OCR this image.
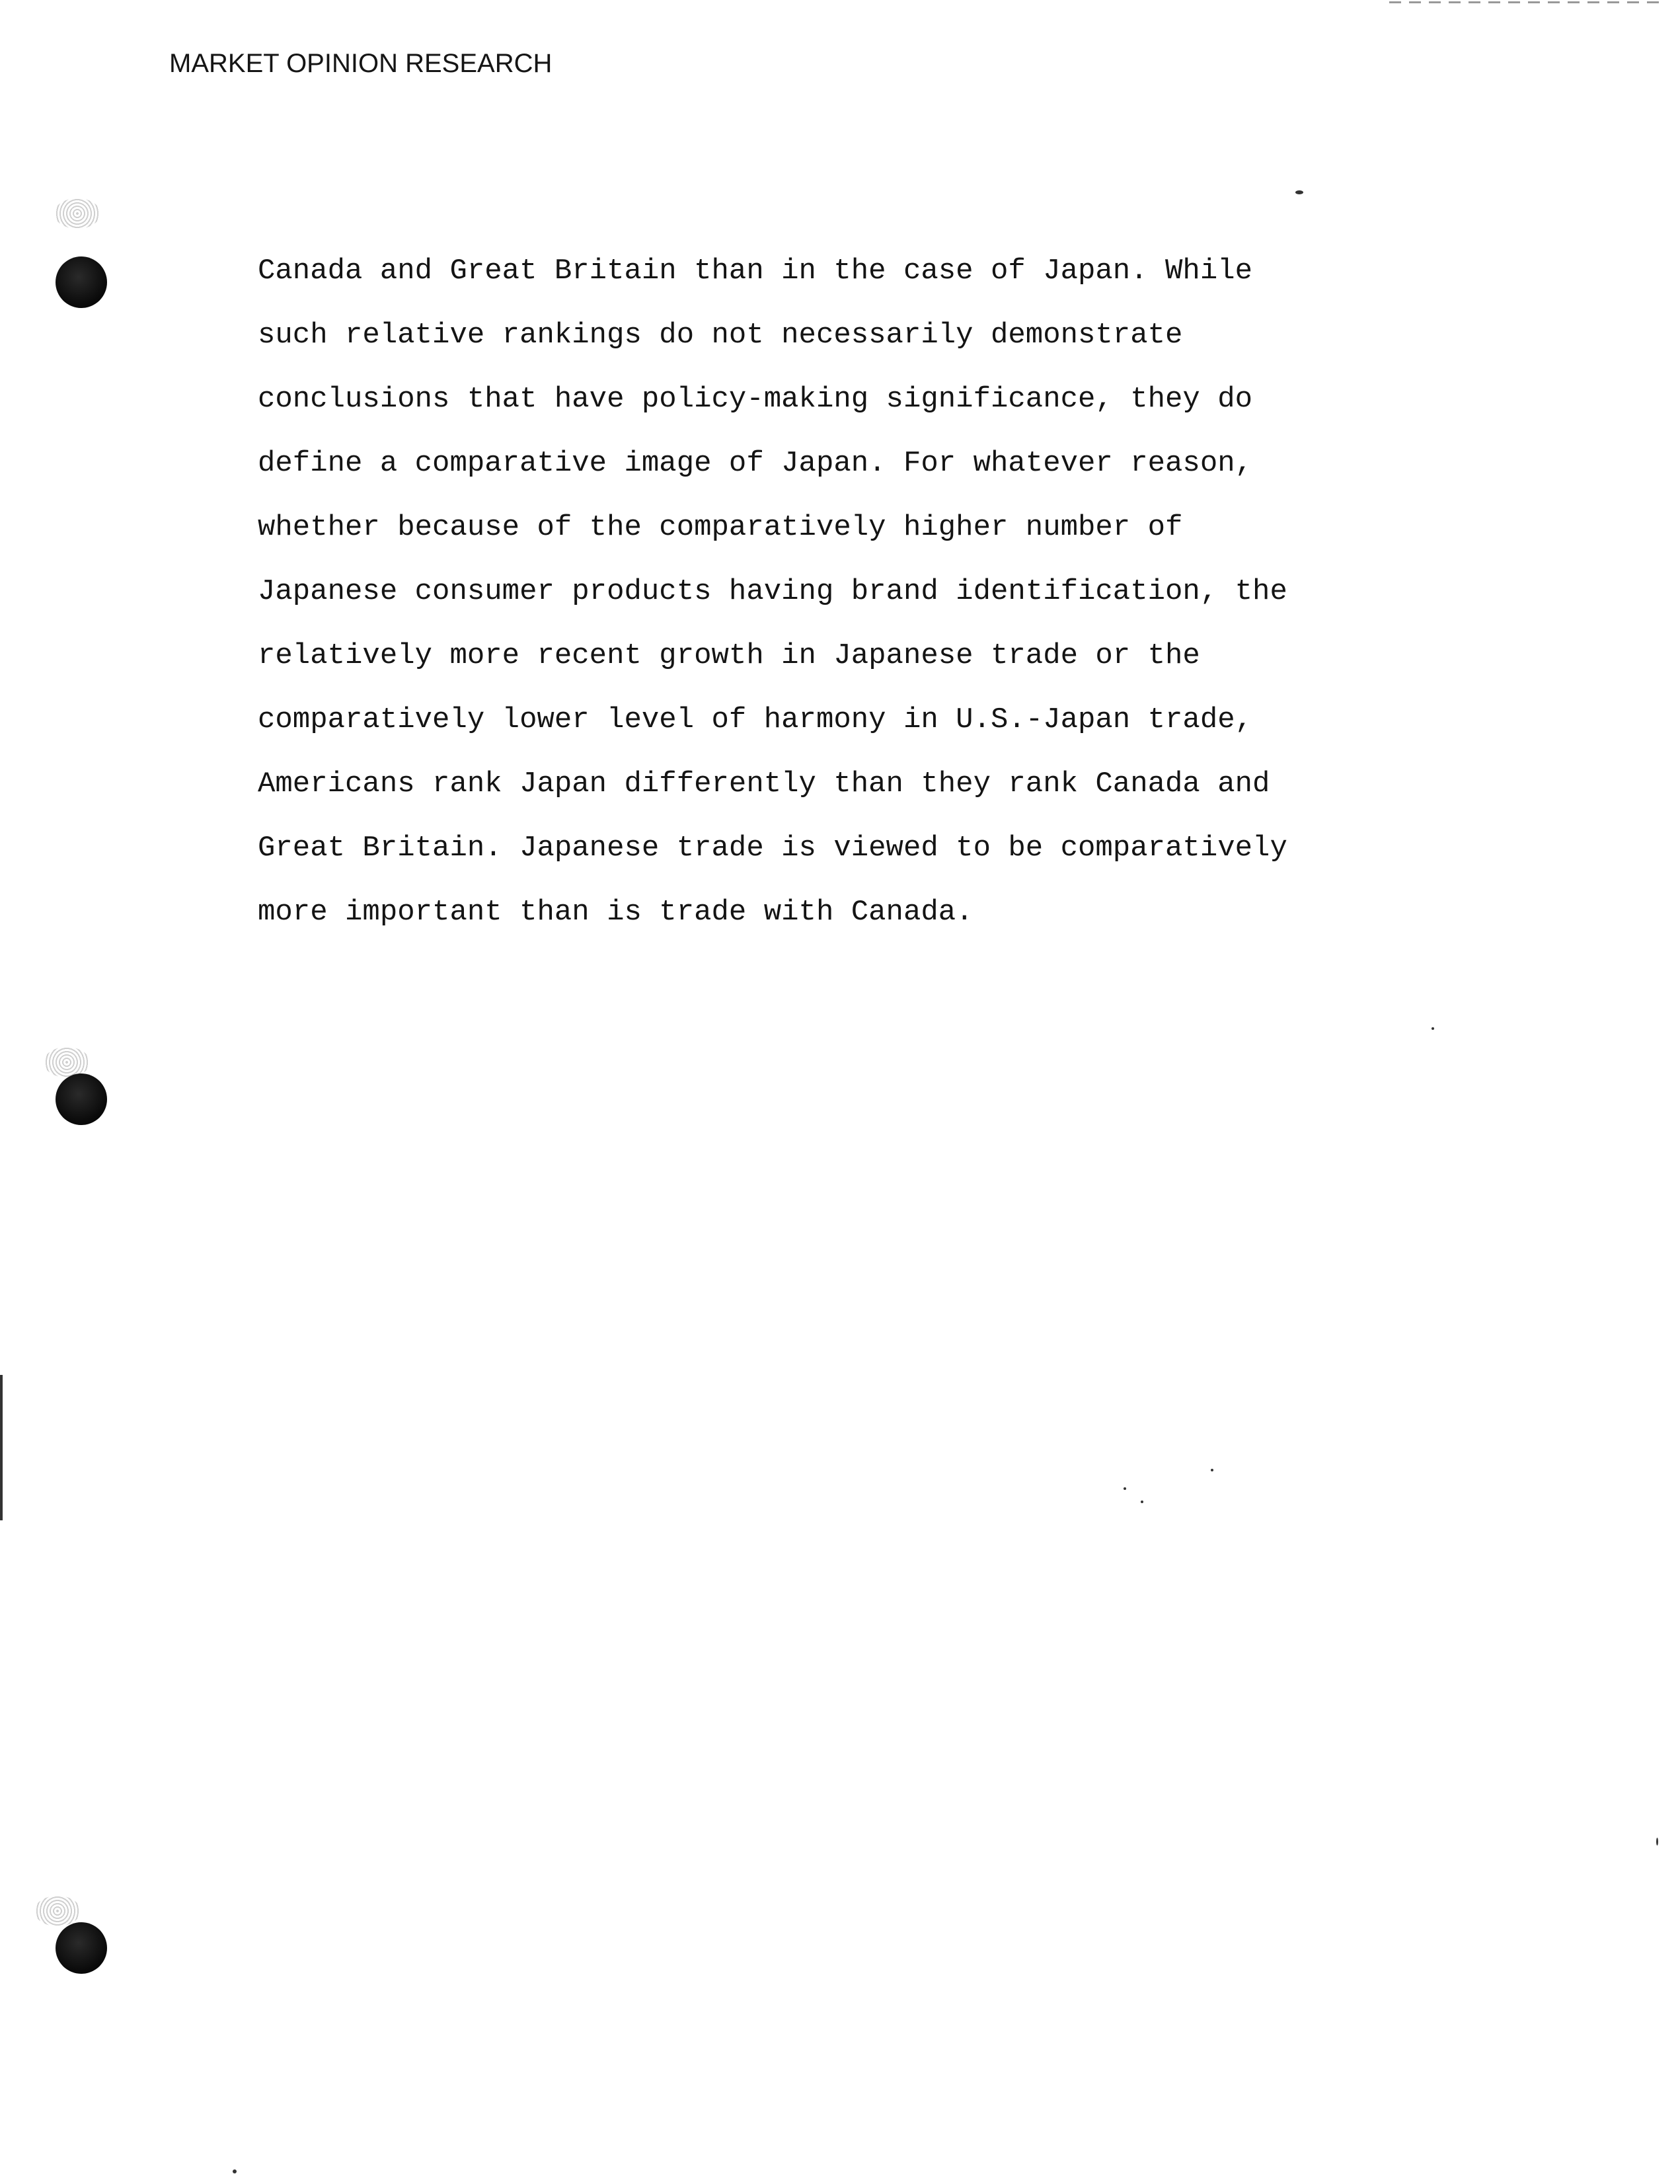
MARKET OPINION RESEARCH
Canada and Great Britain than in the case of Japan. While
such relative rankings do not necessarily demonstrate
conclusions that have policy-making significance, they do
define a comparative image of Japan. For whatever reason,
whether because of the comparatively higher number of
Japanese consumer products having brand identification, the
relatively more recent growth in Japanese trade or the
comparatively lower level of harmony in U.S.-Japan trade,
Americans rank Japan differently than they rank Canada and
Great Britain. Japanese trade is viewed to be comparatively
more important than is trade with Canada.
